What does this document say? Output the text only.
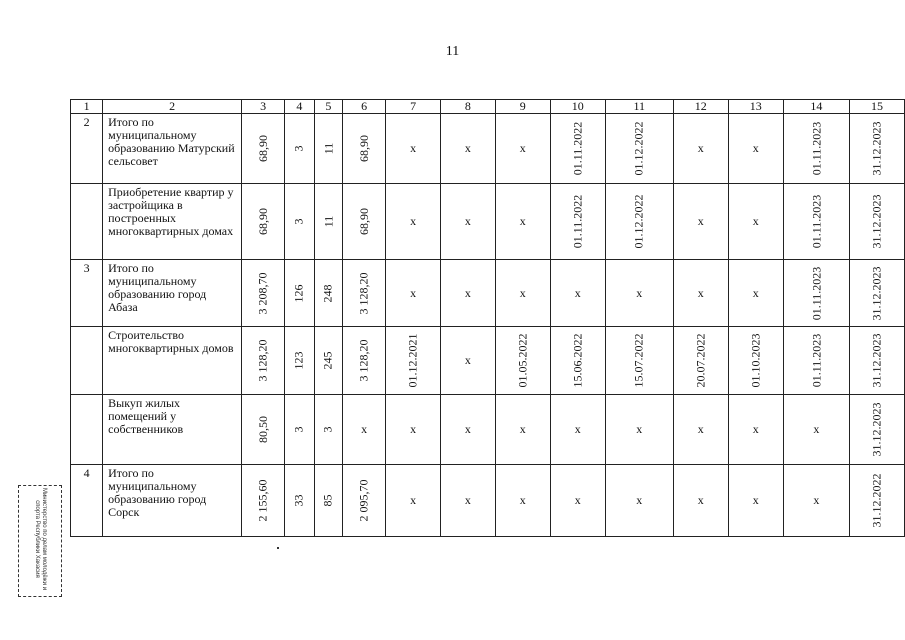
11
1	2	3	4	5	6	7	8	9	10	11	12	13	14	15
2	Итого по муниципальному образованию Матурский сельсовет	68,90	3	11	68,90	x	x	x	01.11.2022	01.12.2022	x	x	01.11.2023	31.12.2023
	Приобретение квартир у застройщика в построенных многоквартирных домах	68,90	3	11	68,90	x	x	x	01.11.2022	01.12.2022	x	x	01.11.2023	31.12.2023
3	Итого по муниципальному образованию город Абаза	3 208,70	126	248	3 128,20	x	x	x	x	x	x	x	01.11.2023	31.12.2023
	Строительство многоквартирных домов	3 128,20	123	245	3 128,20	01.12.2021	x	01.05.2022	15.06.2022	15.07.2022	20.07.2022	01.10.2023	01.11.2023	31.12.2023
	Выкуп жилых помещений у собственников	80,50	3	3	x	x	x	x	x	x	x	x	x	31.12.2023
4	Итого по муниципальному образованию город Сорск	2 155,60	33	85	2 095,70	x	x	x	x	x	x	x	x	31.12.2022
Министерство по делам молодёжи и спорта Республики Хакасия
